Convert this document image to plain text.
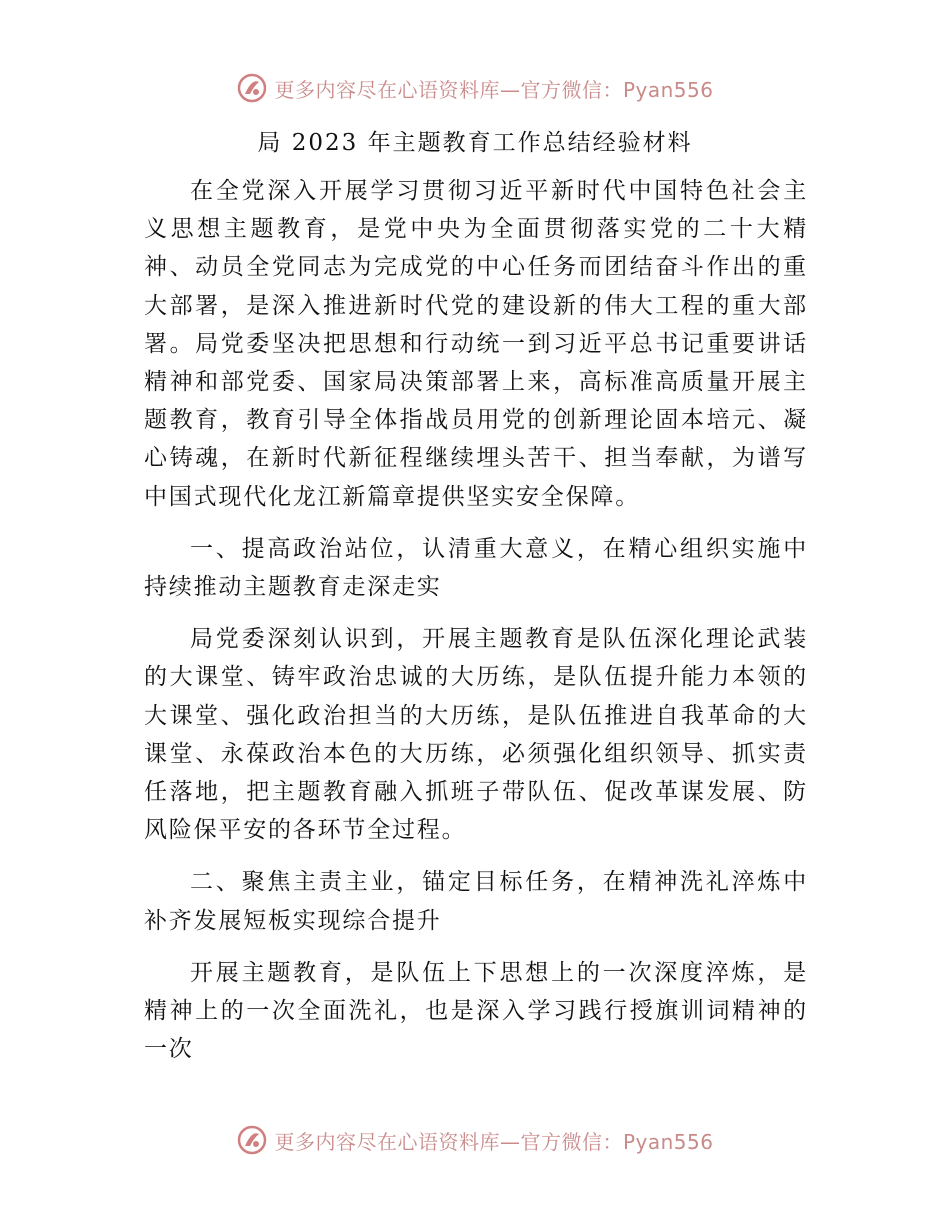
更多内容尽在心语资料库—官方微信：Pyan556
局 2023 年主题教育工作总结经验材料

在全党深入开展学习贯彻习近平新时代中国特色社会主义思想主题教育，是党中央为全面贯彻落实党的二十大精神、动员全党同志为完成党的中心任务而团结奋斗作出的重大部署，是深入推进新时代党的建设新的伟大工程的重大部署。局党委坚决把思想和行动统一到习近平总书记重要讲话精神和部党委、国家局决策部署上来，高标准高质量开展主题教育，教育引导全体指战员用党的创新理论固本培元、凝心铸魂，在新时代新征程继续埋头苦干、担当奉献，为谱写中国式现代化龙江新篇章提供坚实安全保障。

一、提高政治站位，认清重大意义，在精心组织实施中持续推动主题教育走深走实

局党委深刻认识到，开展主题教育是队伍深化理论武装的大课堂、铸牢政治忠诚的大历练，是队伍提升能力本领的大课堂、强化政治担当的大历练，是队伍推进自我革命的大课堂、永葆政治本色的大历练，必须强化组织领导、抓实责任落地，把主题教育融入抓班子带队伍、促改革谋发展、防风险保平安的各环节全过程。

二、聚焦主责主业，锚定目标任务，在精神洗礼淬炼中补齐发展短板实现综合提升

开展主题教育，是队伍上下思想上的一次深度淬炼，是精神上的一次全面洗礼，也是深入学习践行授旗训词精神的一次

更多内容尽在心语资料库—官方微信：Pyan556
